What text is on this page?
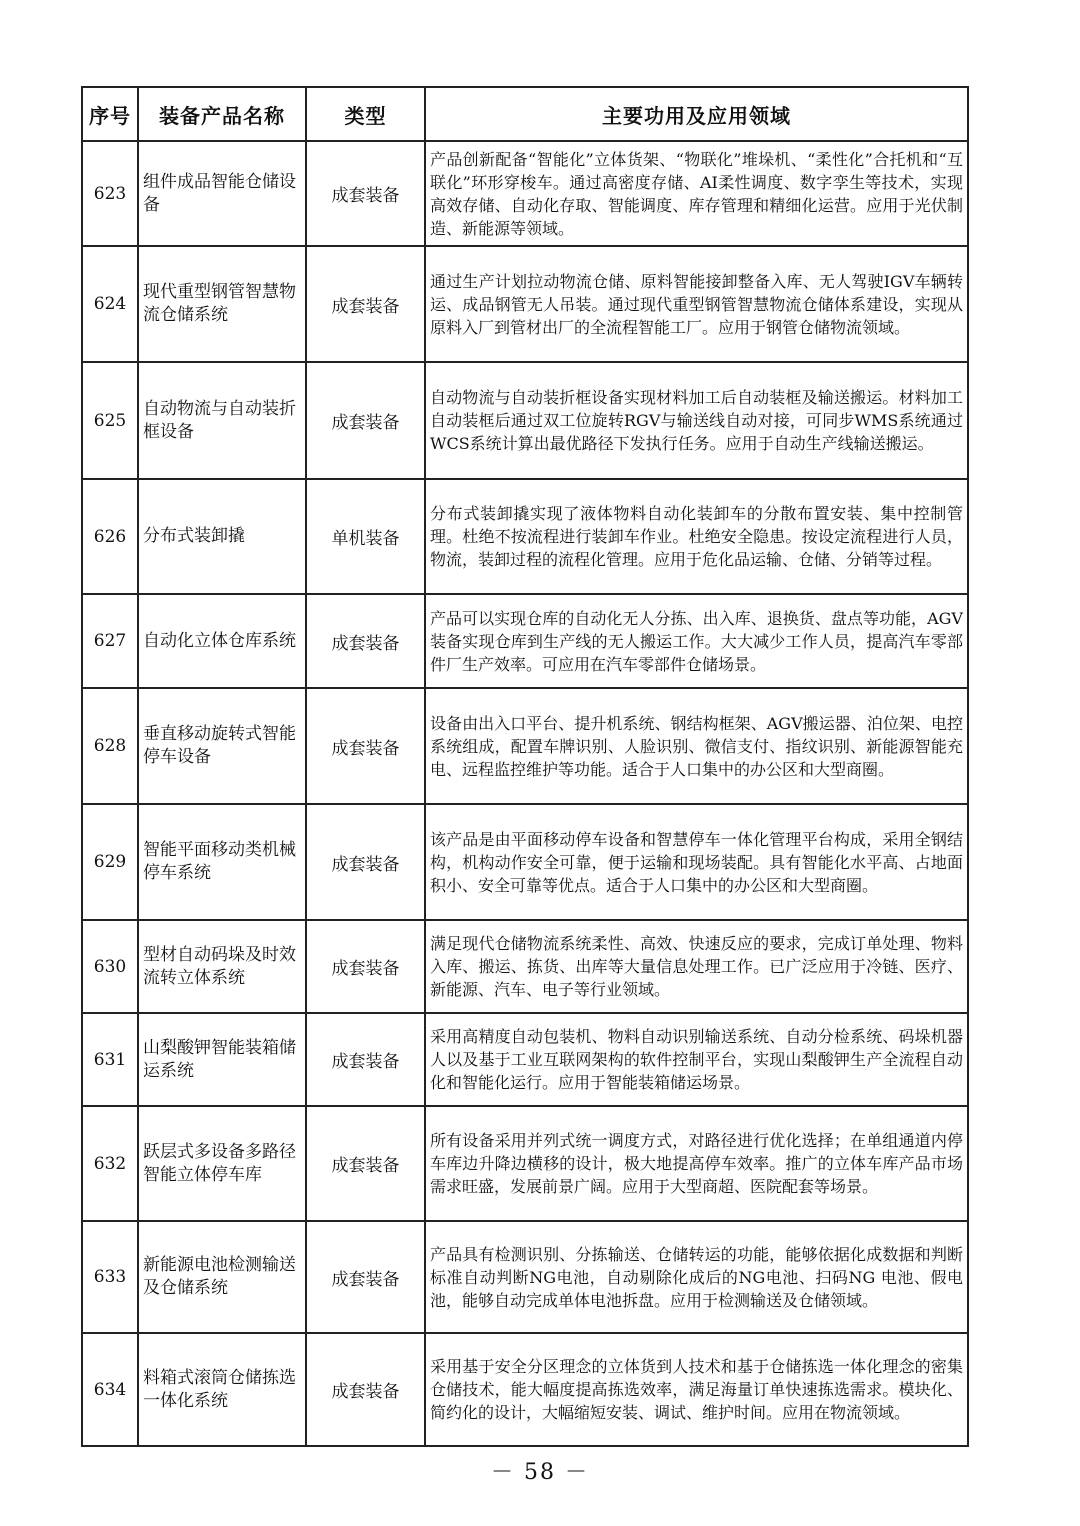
序号	装备产品名称	类型	主要功用及应用领域
623	组件成品智能仓储设备	成套装备	产品创新配备“智能化”立体货架、“物联化”堆垛机、“柔性化”合托机和“互联化”环形穿梭车。通过高密度存储、AI柔性调度、数字孪生等技术，实现高效存储、自动化存取、智能调度、库存管理和精细化运营。应用于光伏制造、新能源等领域。
624	现代重型钢管智慧物流仓储系统	成套装备	通过生产计划拉动物流仓储、原料智能接卸整备入库、无人驾驶IGV车辆转运、成品钢管无人吊装。通过现代重型钢管智慧物流仓储体系建设，实现从原料入厂到管材出厂的全流程智能工厂。应用于钢管仓储物流领域。
625	自动物流与自动装折框设备	成套装备	自动物流与自动装折框设备实现材料加工后自动装框及输送搬运。材料加工自动装框后通过双工位旋转RGV与输送线自动对接，可同步WMS系统通过WCS系统计算出最优路径下发执行任务。应用于自动生产线输送搬运。
626	分布式装卸撬	单机装备	分布式装卸撬实现了液体物料自动化装卸车的分散布置安装、集中控制管理。杜绝不按流程进行装卸车作业。杜绝安全隐患。按设定流程进行人员，物流，装卸过程的流程化管理。应用于危化品运输、仓储、分销等过程。
627	自动化立体仓库系统	成套装备	产品可以实现仓库的自动化无人分拣、出入库、退换货、盘点等功能，AGV装备实现仓库到生产线的无人搬运工作。大大减少工作人员，提高汽车零部件厂生产效率。可应用在汽车零部件仓储场景。
628	垂直移动旋转式智能停车设备	成套装备	设备由出入口平台、提升机系统、钢结构框架、AGV搬运器、泊位架、电控系统组成，配置车牌识别、人脸识别、微信支付、指纹识别、新能源智能充电、远程监控维护等功能。适合于人口集中的办公区和大型商圈。
629	智能平面移动类机械停车系统	成套装备	该产品是由平面移动停车设备和智慧停车一体化管理平台构成，采用全钢结构，机构动作安全可靠，便于运输和现场装配。具有智能化水平高、占地面积小、安全可靠等优点。适合于人口集中的办公区和大型商圈。
630	型材自动码垛及时效流转立体系统	成套装备	满足现代仓储物流系统柔性、高效、快速反应的要求，完成订单处理、物料入库、搬运、拣货、出库等大量信息处理工作。已广泛应用于冷链、医疗、新能源、汽车、电子等行业领域。
631	山梨酸钾智能装箱储运系统	成套装备	采用高精度自动包装机、物料自动识别输送系统、自动分检系统、码垛机器人以及基于工业互联网架构的软件控制平台，实现山梨酸钾生产全流程自动化和智能化运行。应用于智能装箱储运场景。
632	跃层式多设备多路径智能立体停车库	成套装备	所有设备采用并列式统一调度方式，对路径进行优化选择；在单组通道内停车库边升降边横移的设计，极大地提高停车效率。推广的立体车库产品市场需求旺盛，发展前景广阔。应用于大型商超、医院配套等场景。
633	新能源电池检测输送及仓储系统	成套装备	产品具有检测识别、分拣输送、仓储转运的功能，能够依据化成数据和判断标准自动判断NG电池，自动剔除化成后的NG电池、扫码NG 电池、假电池，能够自动完成单体电池拆盘。应用于检测输送及仓储领域。
634	料箱式滚筒仓储拣选一体化系统	成套装备	采用基于安全分区理念的立体货到人技术和基于仓储拣选一体化理念的密集仓储技术，能大幅度提高拣选效率，满足海量订单快速拣选需求。模块化、简约化的设计，大幅缩短安装、调试、维护时间。应用在物流领域。
－ 58 －
